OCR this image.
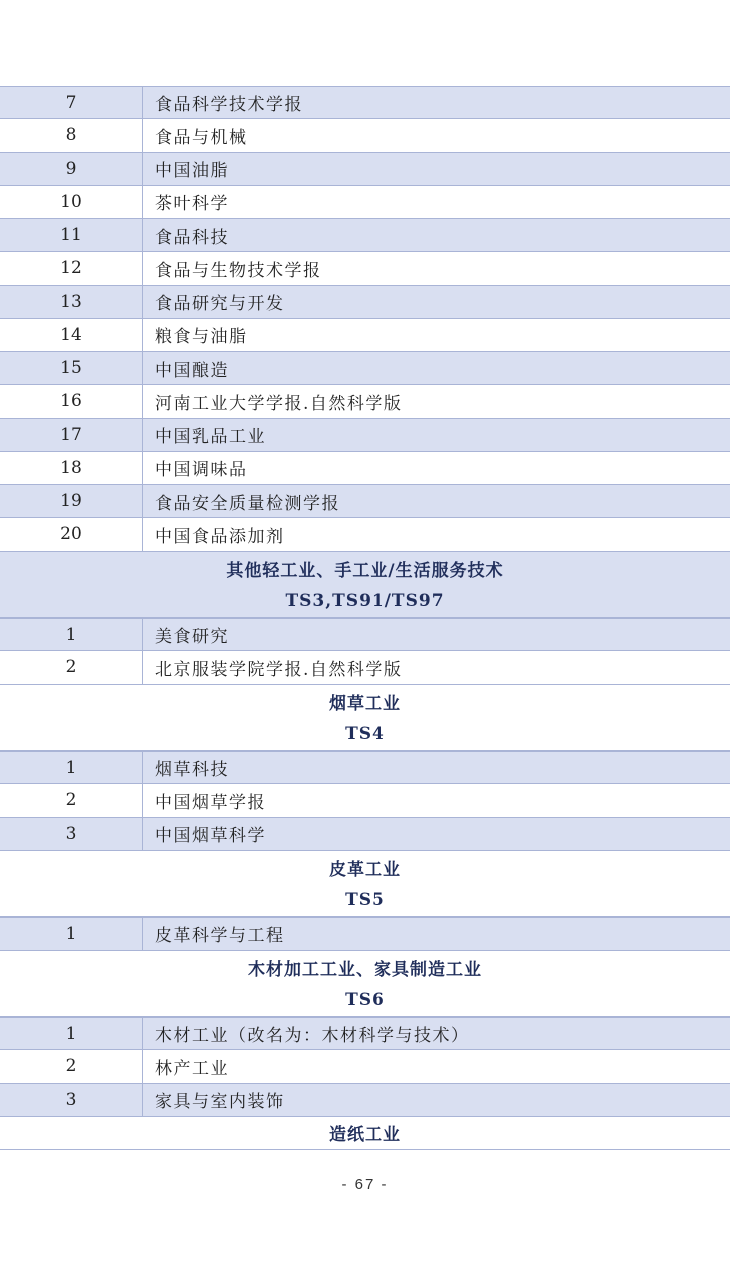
7	食品科学技术学报
8	食品与机械
9	中国油脂
10	茶叶科学
11	食品科技
12	食品与生物技术学报
13	食品研究与开发
14	粮食与油脂
15	中国酿造
16	河南工业大学学报.自然科学版
17	中国乳品工业
18	中国调味品
19	食品安全质量检测学报
20	中国食品添加剂
其他轻工业、手工业/生活服务技术
TS3,TS91/TS97
1	美食研究
2	北京服装学院学报.自然科学版
烟草工业
TS4
1	烟草科技
2	中国烟草学报
3	中国烟草科学
皮革工业
TS5
1	皮革科学与工程
木材加工工业、家具制造工业
TS6
1	木材工业（改名为：木材科学与技术）
2	林产工业
3	家具与室内装饰
造纸工业
- 67 -
